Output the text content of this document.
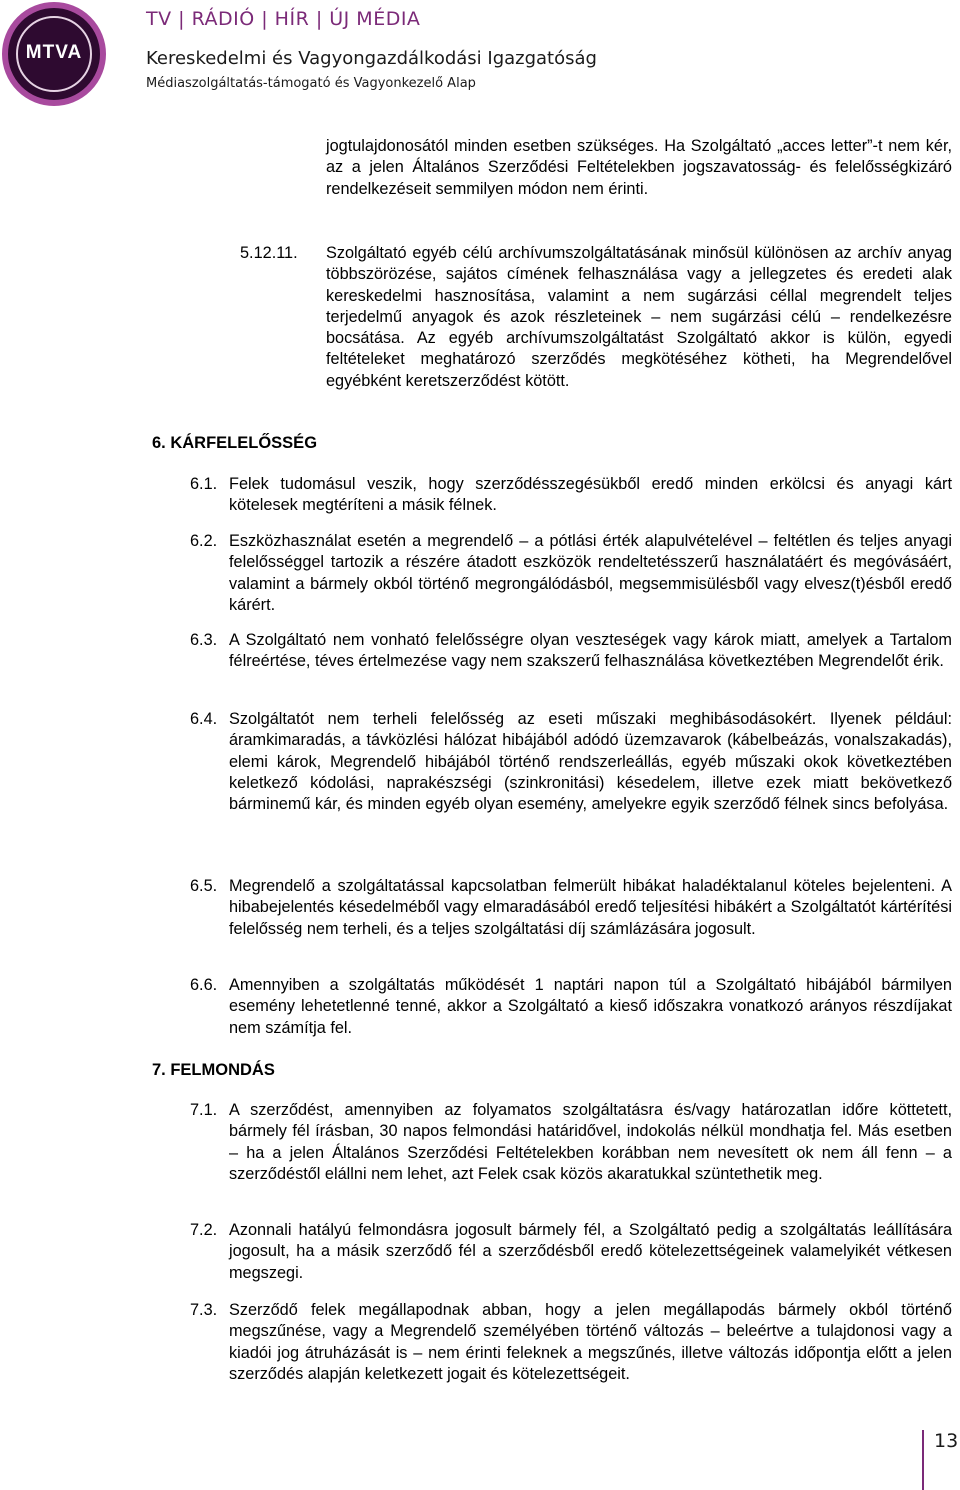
MTVA
TV | RÁDIÓ | HÍR | ÚJ MÉDIA
Kereskedelmi és Vagyongazdálkodási Igazgatóság
Médiaszolgáltatás-támogató és Vagyonkezelő Alap

jogtulajdonosától minden esetben szükséges. Ha Szolgáltató „acces letter”-t nem kér, az a jelen Általános Szerződési Feltételekben jogszavatosság- és felelősségkizáró rendelkezéseit semmilyen módon nem érinti.

5.12.11. Szolgáltató egyéb célú archívumszolgáltatásának minősül különösen az archív anyag többszörözése, sajátos címének felhasználása vagy a jellegzetes és eredeti alak kereskedelmi hasznosítása, valamint a nem sugárzási céllal megrendelt teljes terjedelmű anyagok és azok részleteinek – nem sugárzási célú – rendelkezésre bocsátása. Az egyéb archívumszolgáltatást Szolgáltató akkor is külön, egyedi feltételeket meghatározó szerződés megkötéséhez kötheti, ha Megrendelővel egyébként keretszerződést kötött.

6. KÁRFELELŐSSÉG
6.1. Felek tudomásul veszik, hogy szerződésszegésükből eredő minden erkölcsi és anyagi kárt kötelesek megtéríteni a másik félnek.

6.2. Eszközhasználat esetén a megrendelő – a pótlási érték alapulvételével – feltétlen és teljes anyagi felelősséggel tartozik a részére átadott eszközök rendeltetésszerű használatáért és megóvásáért, valamint a bármely okból történő megrongálódásból, megsemmisülésből vagy elvesz(t)ésből eredő kárért.

6.3. A Szolgáltató nem vonható felelősségre olyan veszteségek vagy károk miatt, amelyek a Tartalom félreértése, téves értelmezése vagy nem szakszerű felhasználása következtében Megrendelőt érik.

6.4. Szolgáltatót nem terheli felelősség az eseti műszaki meghibásodásokért. Ilyenek például: áramkimaradás, a távközlési hálózat hibájából adódó üzemzavarok (kábelbeázás, vonalszakadás), elemi károk, Megrendelő hibájából történő rendszerleállás, egyéb műszaki okok következtében keletkező kódolási, naprakészségi (szinkronitási) késedelem, illetve ezek miatt bekövetkező bárminemű kár, és minden egyéb olyan esemény, amelyekre egyik szerződő félnek sincs befolyása.

6.5. Megrendelő a szolgáltatással kapcsolatban felmerült hibákat haladéktalanul köteles bejelenteni. A hibabejelentés késedelméből vagy elmaradásából eredő teljesítési hibákért a Szolgáltatót kártérítési felelősség nem terheli, és a teljes szolgáltatási díj számlázására jogosult.

6.6. Amennyiben a szolgáltatás működését 1 naptári napon túl a Szolgáltató hibájából bármilyen esemény lehetetlenné tenné, akkor a Szolgáltató a kieső időszakra vonatkozó arányos részdíjakat nem számítja fel.

7. FELMONDÁS
7.1. A szerződést, amennyiben az folyamatos szolgáltatásra és/vagy határozatlan időre köttetett, bármely fél írásban, 30 napos felmondási határidővel, indokolás nélkül mondhatja fel. Más esetben – ha a jelen Általános Szerződési Feltételekben korábban nem nevesített ok nem áll fenn – a szerződéstől elállni nem lehet, azt Felek csak közös akaratukkal szüntethetik meg.

7.2. Azonnali hatályú felmondásra jogosult bármely fél, a Szolgáltató pedig a szolgáltatás leállítására jogosult, ha a másik szerződő fél a szerződésből eredő kötelezettségeinek valamelyikét vétkesen megszegi.

7.3. Szerződő felek megállapodnak abban, hogy a jelen megállapodás bármely okból történő megszűnése, vagy a Megrendelő személyében történő változás – beleértve a tulajdonosi vagy a kiadói jog átruházását is – nem érinti feleknek a megszűnés, illetve változás időpontja előtt a jelen szerződés alapján keletkezett jogait és kötelezettségeit.

13
